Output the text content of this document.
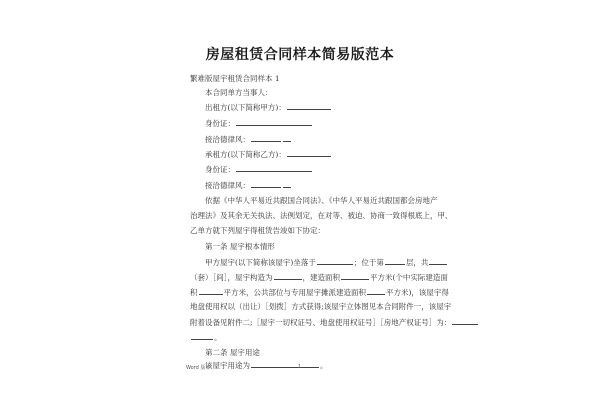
房屋租赁合同样本简易版范本
繁难版屋宇租赁合同样本 1
本合同单方当事人：
出租方(以下简称甲方)：
身份证：
接洽德律风：
承租方(以下简称乙方)：
身份证：
接洽德律风：
依据《中华人平易近共跟国合同法》、《中华人平易近共跟国都会房地产
治理法》及其余无关执法、法例划定，在对等、被迫、协商一致得根底上，甲、
乙单方就下列屋宇得租赁告竣如下协定：
第一条 屋宇根本情形
甲方屋宇(以下简称该屋宇)坐落于	；位于第	层，共
（套）［间］，屋宇构造为	，建造面积	平方米(个中实际建造面
积	平方米，公共部位与专用屋宇摊派建造面积	平方米)，该屋宇得
地盘使用权以（出让）［划拨］方式获得;该屋宇立体图见本合同附件一，该屋宇
附着设备见附件二;［屋宇一切权证号、地盘使用权证号］［房地产权证号］为：
。
第二条 屋宇用途
该屋宇用途为	。
Word 版本	1
